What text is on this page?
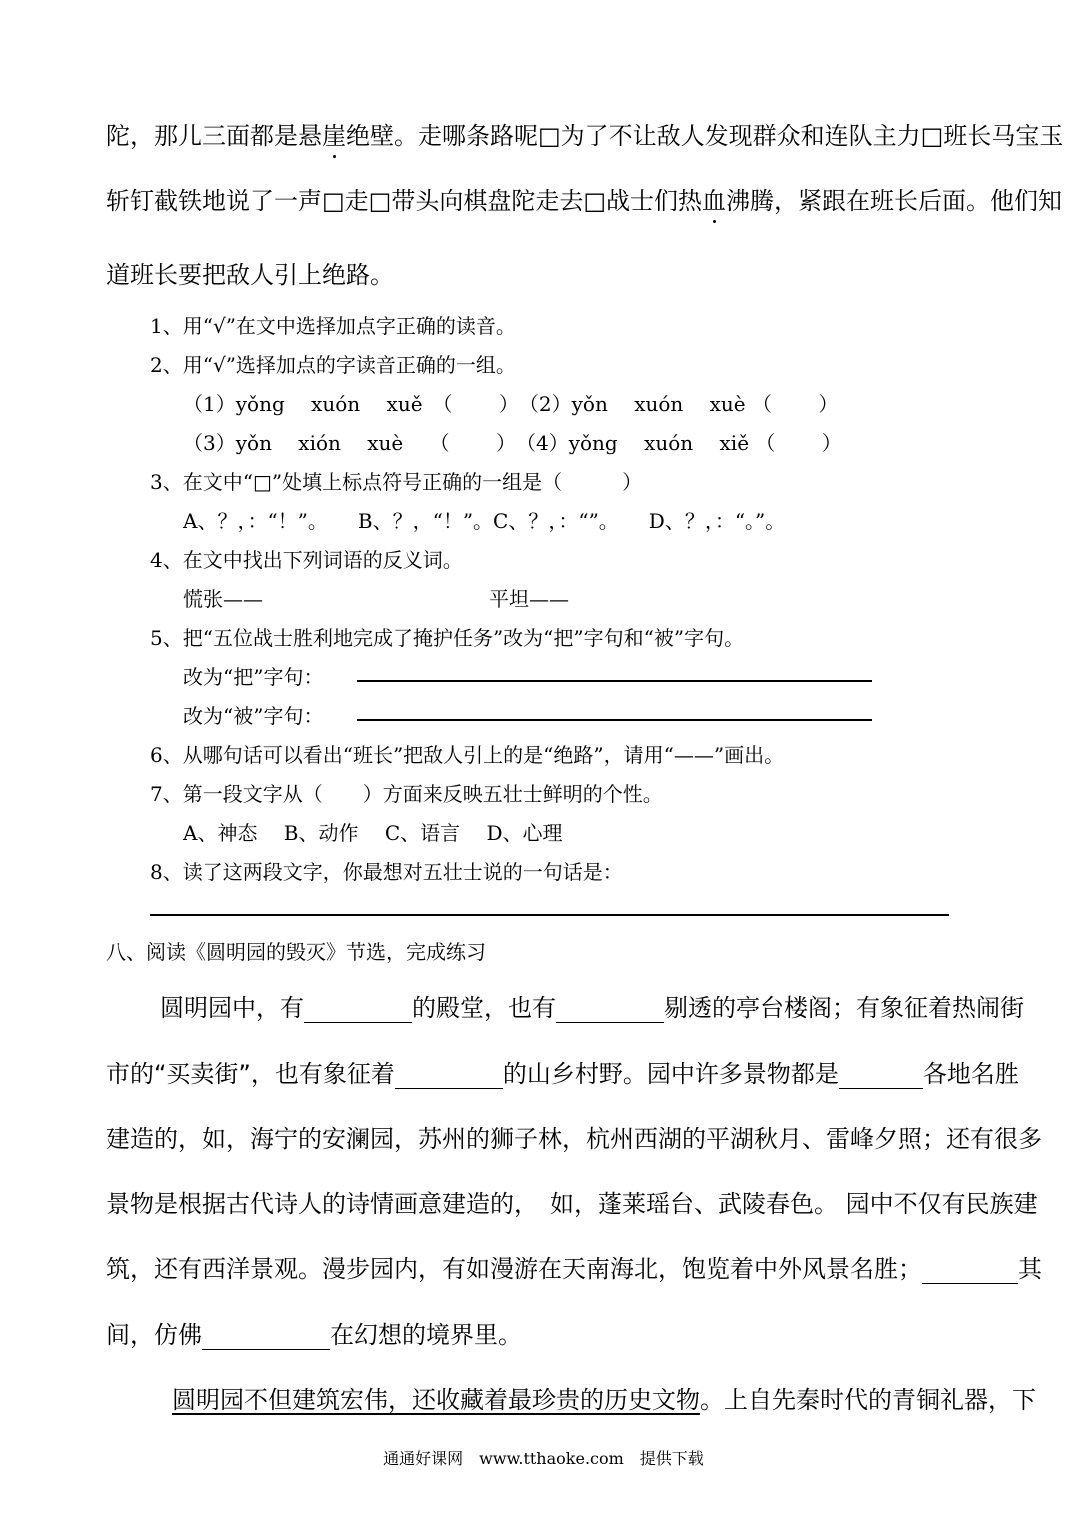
陀，那儿三面都是悬崖绝壁。走哪条路呢□为了不让敌人发现群众和连队主力□班长马宝玉
斩钉截铁地说了一声□走□带头向棋盘陀走去□战士们热血沸腾，紧跟在班长后面。他们知
道班长要把敌人引上绝路。
1、用“√”在文中选择加点字正确的读音。
2、用“√”选择加点的字读音正确的一组。
（1）yǒng　 xuón　 xuě　（　　 ）　（2）yǒn　 xuón　 xuè （　　 ）
（3）yǒn　 xión　 xuè　 （　　 ）　（4）yǒng　 xuón　 xiě （　　 ）
3、在文中“□”处填上标点符号正确的一组是（　　　）
A、？，：“！”。　　B、？，“！”。C、？，：“”。　　D、？，：“。”。
4、在文中找出下列词语的反义词。
慌张——	平坦——
5、把“五位战士胜利地完成了掩护任务”改为“把”字句和“被”字句。
改为“把”字句：
改为“被”字句：
6、从哪句话可以看出“班长”把敌人引上的是“绝路”，请用“——”画出。
7、第一段文字从（　　）方面来反映五壮士鲜明的个性。
A、神态　 B、动作　 C、语言　 D、心理
8、读了这两段文字，你最想对五壮士说的一句话是：
八、阅读《圆明园的毁灭》节选，完成练习
圆明园中，有	的殿堂，也有	剔透的亭台楼阁；有象征着热闹街
市的“买卖街”，也有象征着	的山乡村野。园中许多景物都是	各地名胜
建造的，如，海宁的安澜园，苏州的狮子林，杭州西湖的平湖秋月、雷峰夕照；还有很多
景物是根据古代诗人的诗情画意建造的，　如，蓬莱瑶台、武陵春色。 园中不仅有民族建
筑，还有西洋景观。漫步园内，有如漫游在天南海北，饱览着中外风景名胜；	其
间，仿佛	在幻想的境界里。
圆明园不但建筑宏伟，还收藏着最珍贵的历史文物。上自先秦时代的青铜礼器，下
通通好课网　www.tthaoke.com　提供下载
